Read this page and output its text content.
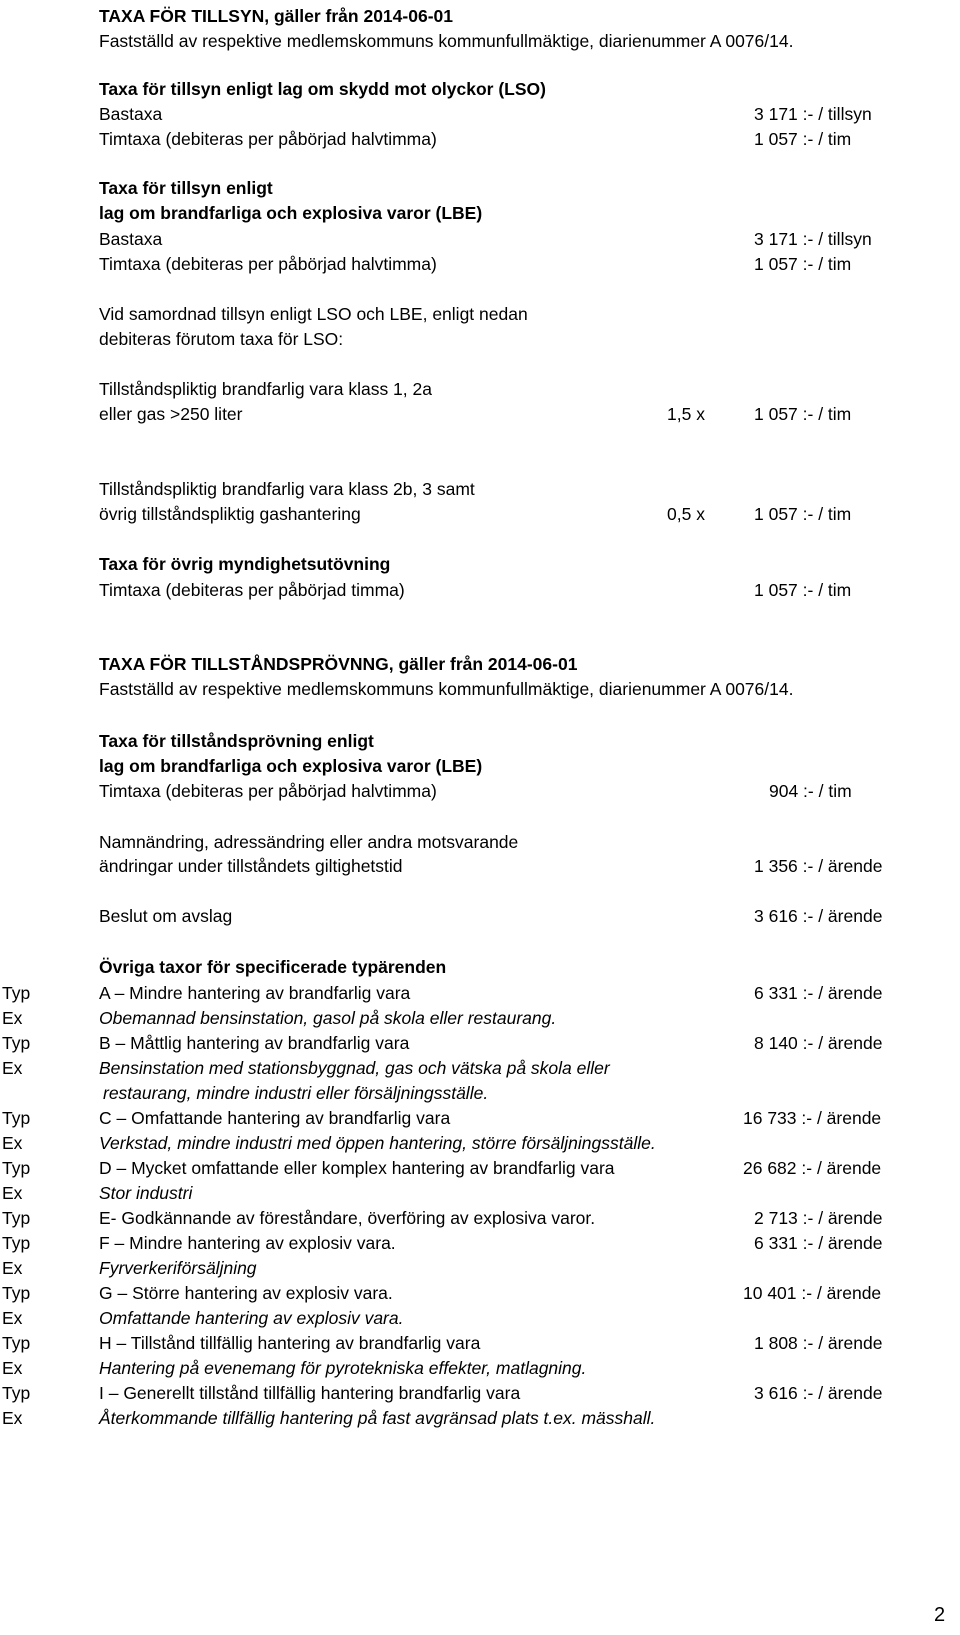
TAXA FÖR TILLSYN, gäller från 2014-06-01
Fastställd av respektive medlemskommuns kommunfullmäktige, diarienummer A 0076/14.
Taxa för tillsyn enligt lag om skydd mot olyckor (LSO)
Bastaxa	3 171 :- / tillsyn
Timtaxa (debiteras per påbörjad halvtimma)	1 057 :- / tim
Taxa för tillsyn enligt
lag om brandfarliga och explosiva varor (LBE)
Bastaxa	3 171 :- / tillsyn
Timtaxa (debiteras per påbörjad halvtimma)	1 057 :- / tim
Vid samordnad tillsyn enligt LSO och LBE, enligt nedan
debiteras förutom taxa för LSO:
Tillståndspliktig brandfarlig vara klass 1, 2a
eller gas >250 liter	1,5 x	1 057 :- / tim
Tillståndspliktig brandfarlig vara klass 2b, 3 samt
övrig tillståndspliktig gashantering	0,5 x	1 057 :- / tim
Taxa för övrig myndighetsutövning
Timtaxa (debiteras per påbörjad timma)	1 057 :- / tim
TAXA FÖR TILLSTÅNDSPRÖVNNG, gäller från 2014-06-01
Fastställd av respektive medlemskommuns kommunfullmäktige, diarienummer A 0076/14.
Taxa för tillståndsprövning enligt
lag om brandfarliga och explosiva varor (LBE)
Timtaxa (debiteras per påbörjad halvtimma)	904 :- / tim
Namnändring, adressändring eller andra motsvarande
ändringar under tillståndets giltighetstid	1 356 :- / ärende
Beslut om avslag	3 616 :- / ärende
Övriga taxor för specificerade typärenden
Typ	A – Mindre hantering av brandfarlig vara	6 331 :- / ärende
Ex	Obemannad bensinstation, gasol på skola eller restaurang.
Typ	B – Måttlig hantering av brandfarlig vara	8 140 :- / ärende
Ex	Bensinstation med stationsbyggnad, gas och vätska på skola eller
restaurang, mindre industri eller försäljningsställe.
Typ	C – Omfattande hantering av brandfarlig vara	16 733 :- / ärende
Ex	Verkstad, mindre industri med öppen hantering, större försäljningsställe.
Typ	D – Mycket omfattande eller komplex hantering av brandfarlig vara	26 682 :- / ärende
Ex	Stor industri
Typ	E- Godkännande av föreståndare, överföring av explosiva varor.	2 713 :- / ärende
Typ	F – Mindre hantering av explosiv vara.	6 331 :- / ärende
Ex	Fyrverkeriförsäljning
Typ	G – Större hantering av explosiv vara.	10 401 :- / ärende
Ex	Omfattande hantering av explosiv vara.
Typ	H – Tillstånd tillfällig hantering av brandfarlig vara	1 808 :- / ärende
Ex	Hantering på evenemang för pyrotekniska effekter, matlagning.
Typ	I – Generellt tillstånd tillfällig hantering brandfarlig vara	3 616 :- / ärende
Ex	Återkommande tillfällig hantering på fast avgränsad plats t.ex. mässhall.
2
